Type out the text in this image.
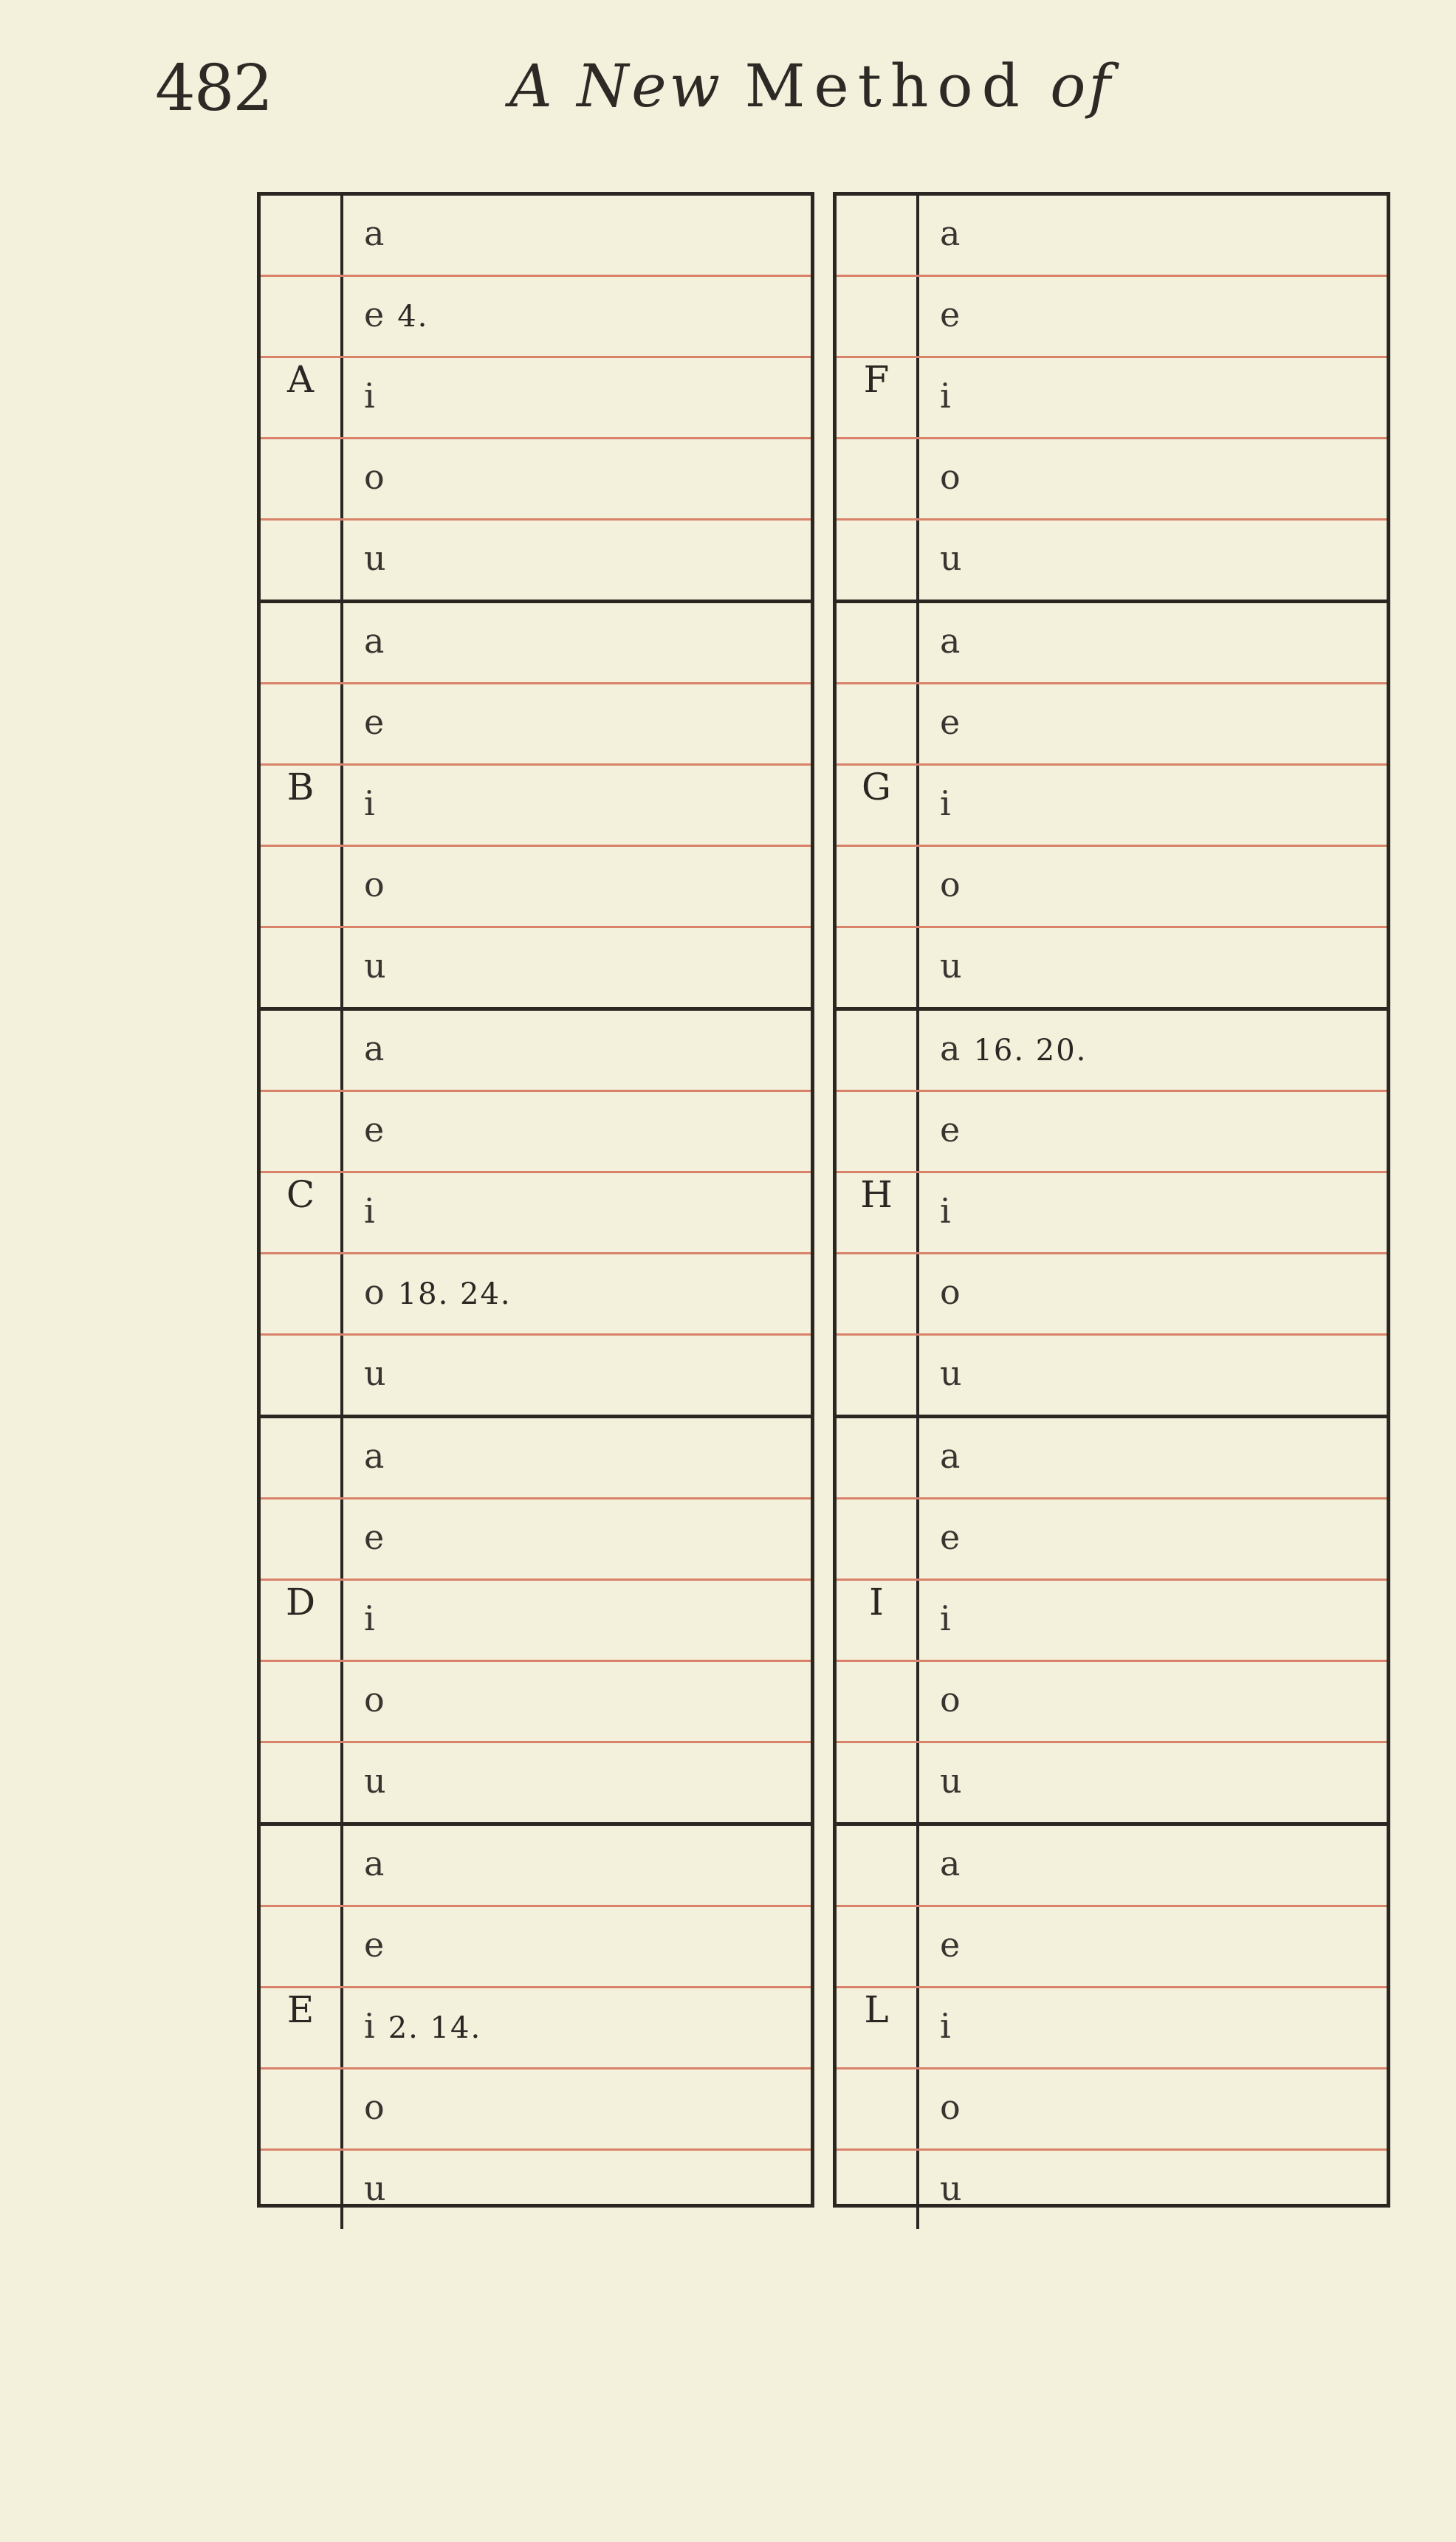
482	A New Method of
A
a
e 4.
i
o
u
B
a
e
i
o
u
C
a
e
i
o 18. 24.
u
D
a
e
i
o
u
E
a
e
i 2. 14.
o
u
F
a
e
i
o
u
G
a
e
i
o
u
H
a 16. 20.
e
i
o
u
I
a
e
i
o
u
L
a
e
i
o
u
